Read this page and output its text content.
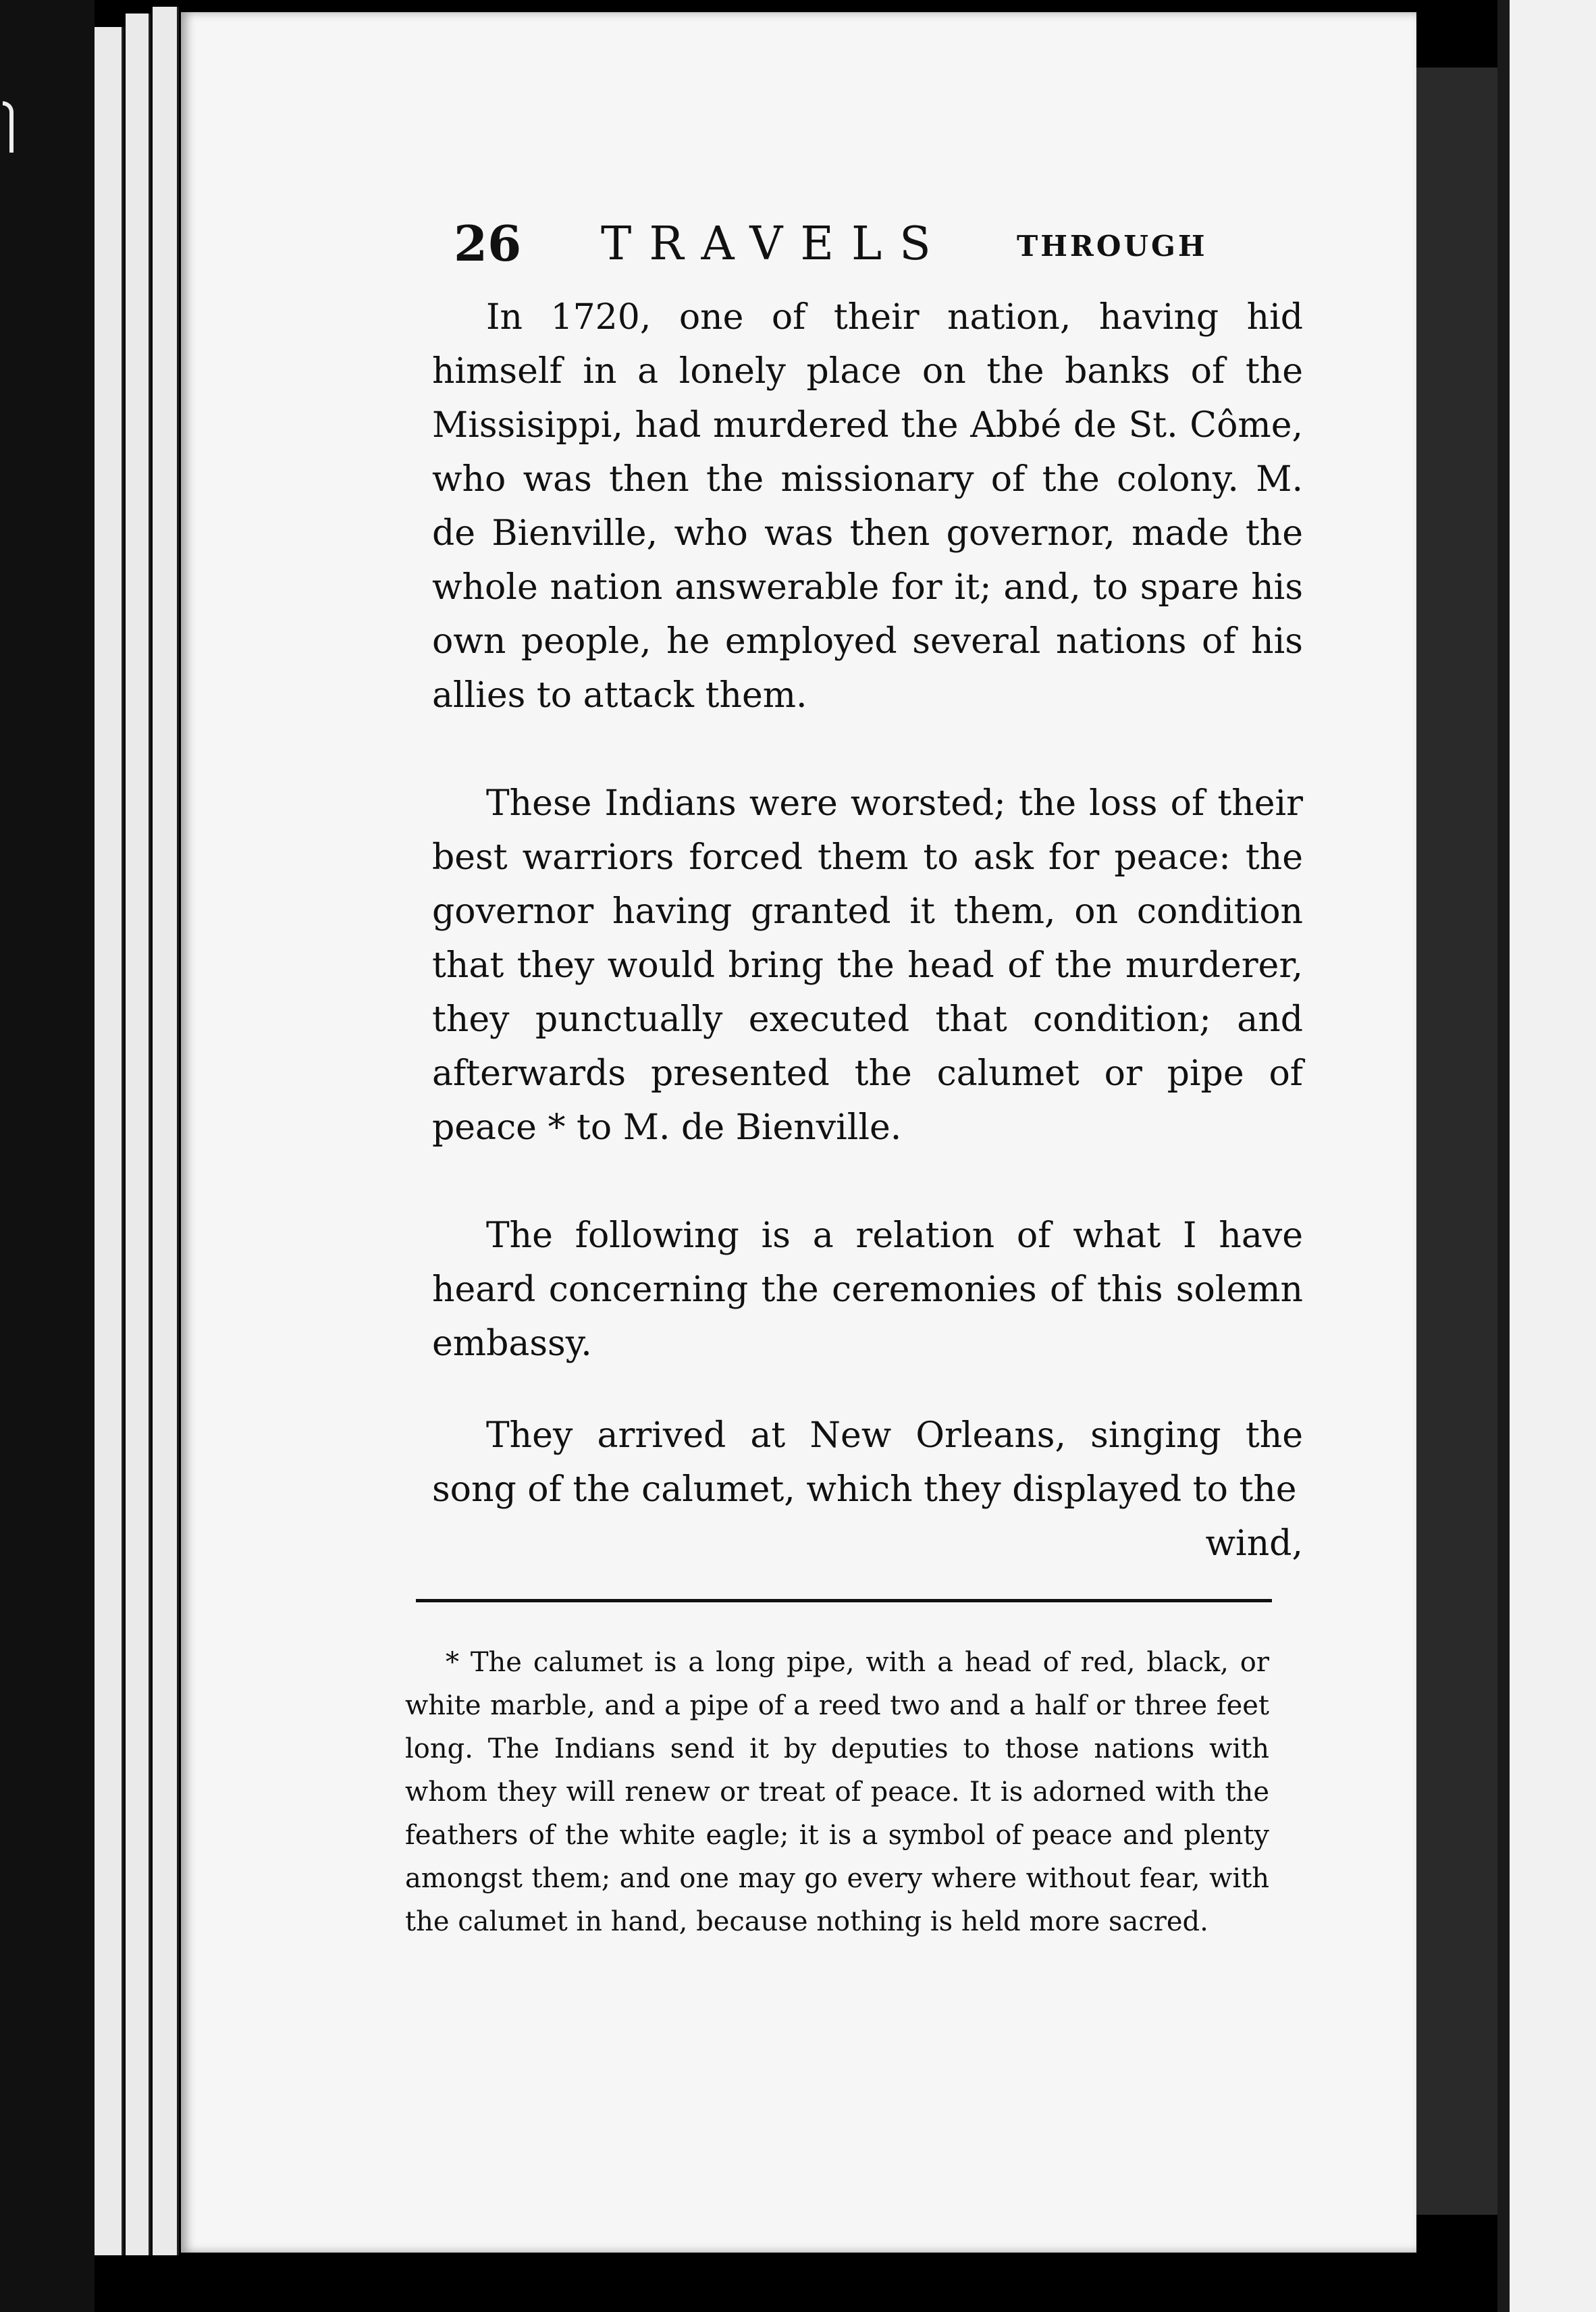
26 TRAVELS THROUGH

In 1720, one of their nation, having hid himself in a lonely place on the banks of the Missisippi, had murdered the Abbé de St. Côme, who was then the missionary of the colony. M. de Bienville, who was then governor, made the whole nation answerable for it; and, to spare his own people, he employed several nations of his allies to attack them.

These Indians were worsted; the loss of their best warriors forced them to ask for peace: the governor having granted it them, on condition that they would bring the head of the murderer, they punctually executed that condition; and afterwards presented the calumet or pipe of peace * to M. de Bienville.

The following is a relation of what I have heard concerning the ceremonies of this solemn embassy.

They arrived at New Orleans, singing the song of the calumet, which they displayed to the

wind,

* The calumet is a long pipe, with a head of red, black, or white marble, and a pipe of a reed two and a half or three feet long. The Indians send it by deputies to those nations with whom they will renew or treat of peace. It is adorned with the feathers of the white eagle; it is a symbol of peace and plenty amongst them; and one may go every where without fear, with the calumet in hand, because nothing is held more sacred.
